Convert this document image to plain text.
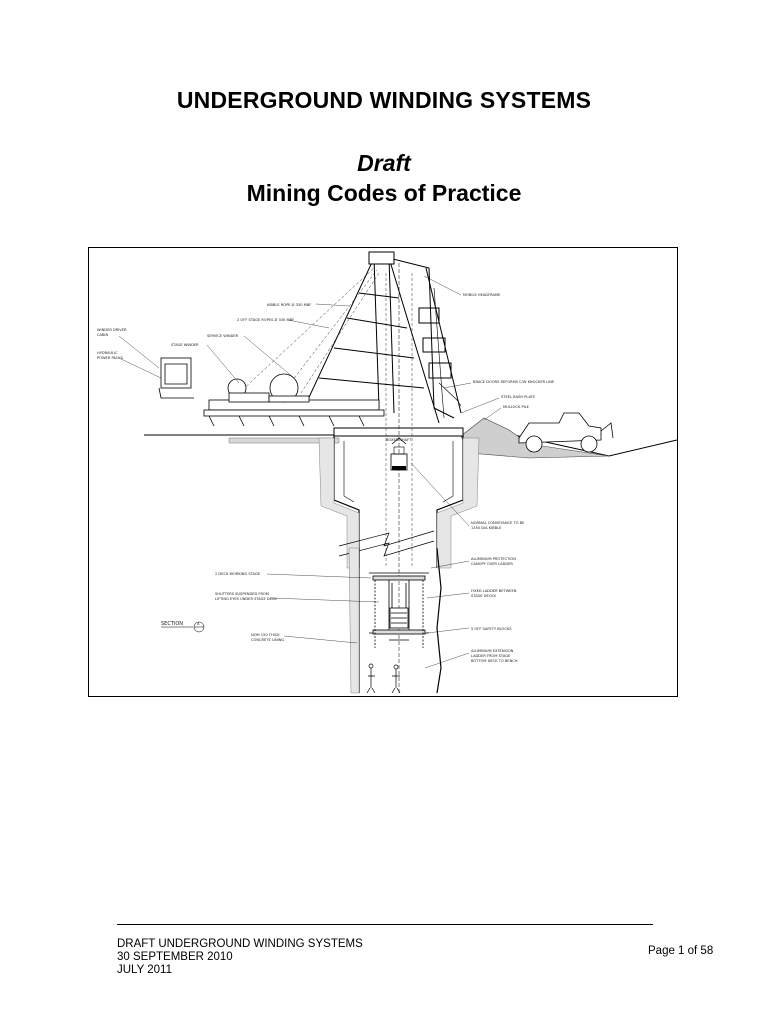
UNDERGROUND WINDING SYSTEMS
Draft
Mining Codes of Practice
KIBBLE ROPE Ø 330 MBF
2 OFF STAGE ROPES Ø 330 MBF
WINDER DRIVER
CABIN	SERVICE WINDER
STAGE WINDER
HYDRAULIC
POWER PACKS
MOBILE HEADFRAME
BRACE DOORS REFORMS C/W KNOCKER LINE
STEEL BASH PLATE
MULLOCK PILE
BOXED SHAFT
NORMAL CONVEYANCE TO BE
1350 DIA KIBBLE
ALUMINIUM PROTECTION
CANOPY OVER LADDER
2 DECK WORKING STAGE
SHUTTERS SUSPENDED FROM
LIFTING EYES UNDER STAGE DECK
FIXED LADDER BETWEEN
STAGE DECKS
SECTION	A
5 OFF SAFETY BLOCKS
NOM 150 THICK
CONCRETE LINING
ALUMINIUM EXTENSION
LADDER FROM STAGE
BOTTOM DECK TO BENCH
DRAFT UNDERGROUND WINDING SYSTEMS
30 SEPTEMBER 2010
JULY 2011
Page 1 of 58
